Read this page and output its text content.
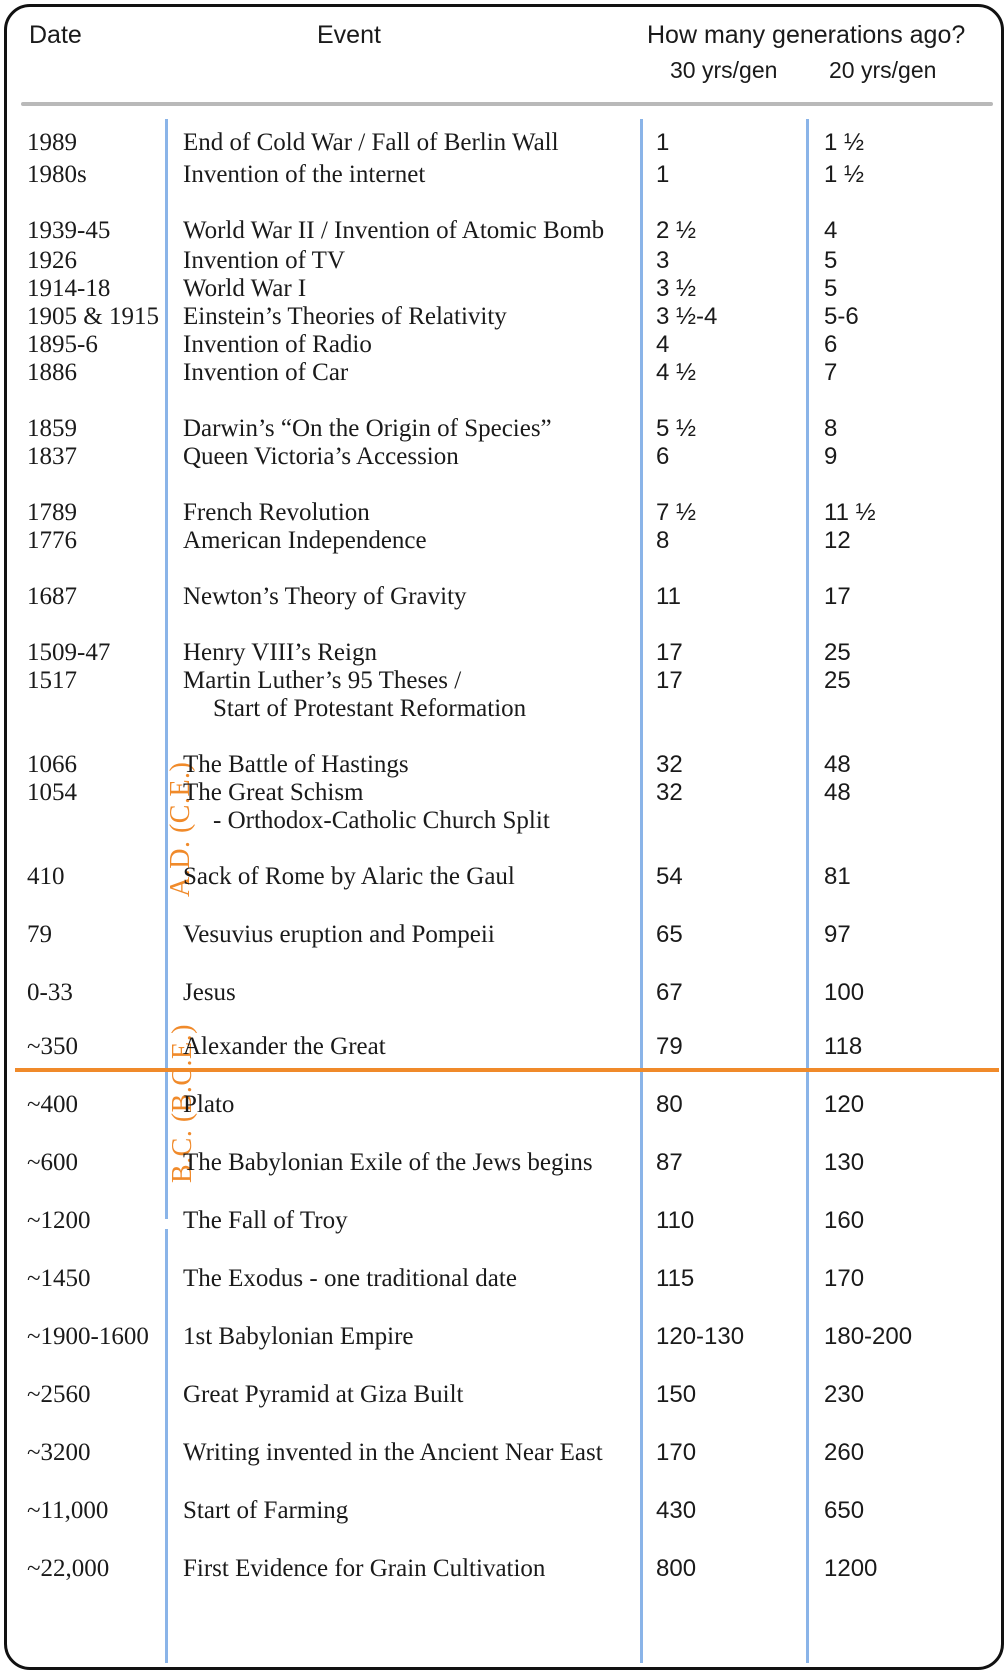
Date	Event	How many generations ago?
30 yrs/gen 20 yrs/gen
A.D. (C.E.)
B.C. (B.C.E.)
1989	End of Cold War / Fall of Berlin Wall	1	1 ½
1980s	Invention of the internet	1	1 ½
1939-45	World War II / Invention of Atomic Bomb	2 ½	4
1926	Invention of TV	3	5
1914-18	World War I	3 ½	5
1905 & 1915 Einstein’s Theories of Relativity	3 ½-4	5-6
1895-6	Invention of Radio	4	6
1886	Invention of Car	4 ½	7
1859	Darwin’s “On the Origin of Species”	5 ½	8
1837	Queen Victoria’s Accession	6	9
1789	French Revolution	7 ½	11 ½
1776	American Independence	8	12
1687	Newton’s Theory of Gravity	11	17
1509-47	Henry VIII’s Reign	17	25
1517	Martin Luther’s 95 Theses /	17	25
Start of Protestant Reformation
1066	The Battle of Hastings	32	48
1054	The Great Schism	32	48
- Orthodox-Catholic Church Split
410	Sack of Rome by Alaric the Gaul	54	81
79	Vesuvius eruption and Pompeii	65	97
0-33	Jesus	67	100
~350	Alexander the Great	79	118
~400	Plato	80	120
~600	The Babylonian Exile of the Jews begins	87	130
~1200	The Fall of Troy	110	160
~1450	The Exodus - one traditional date	115	170
~1900-1600	1st Babylonian Empire	120-130	180-200
~2560	Great Pyramid at Giza Built	150	230
~3200	Writing invented in the Ancient Near East	170	260
~11,000	Start of Farming	430	650
~22,000	First Evidence for Grain Cultivation	800	1200
